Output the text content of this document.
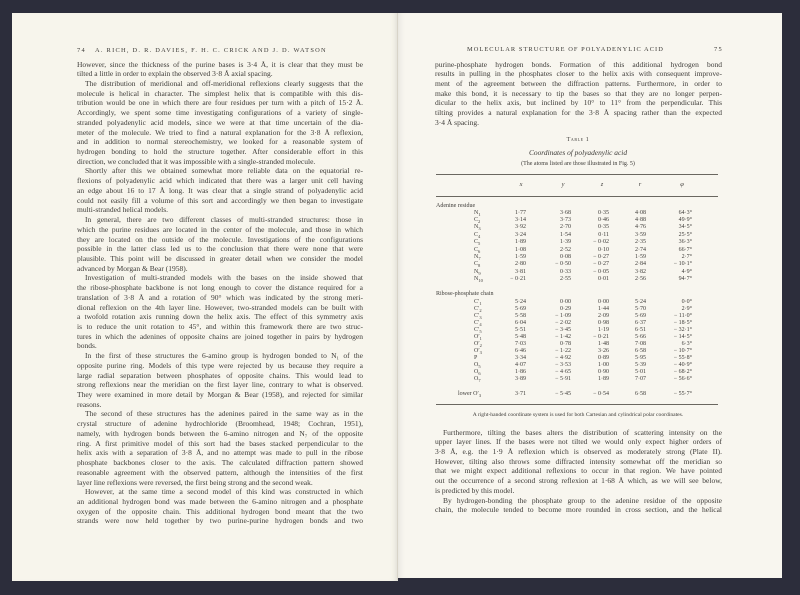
74 A. RICH, D. R. DAVIES, F. H. C. CRICK AND J. D. WATSON	MOLECULAR STRUCTURE OF POLYADENYLIC ACID	75
However, since the thickness of the purine bases is 3·4 Å, it is clear that they must be
tilted a little in order to explain the observed 3·8 Å axial spacing.
The distribution of meridional and off-meridional reflexions clearly suggests that the
molecule is helical in character. The simplest helix that is compatible with this dis-
tribution would be one in which there are four residues per turn with a pitch of 15·2 Å.
Accordingly, we spent some time investigating configurations of a variety of single-
stranded polyadenylic acid models, since we were at that time uncertain of the dia-
meter of the molecule. We tried to find a natural explanation for the 3·8 Å reflexion,
and in addition to normal stereochemistry, we looked for a reasonable system of
hydrogen bonding to hold the structure together. After considerable effort in this
direction, we concluded that it was impossible with a single-stranded molecule.
Shortly after this we obtained somewhat more reliable data on the equatorial re-
flexions of polyadenylic acid which indicated that there was a larger unit cell having
an edge about 16 to 17 Å long. It was clear that a single strand of polyadenylic acid
could not easily fill a volume of this sort and accordingly we then began to investigate
multi-stranded helical models.
In general, there are two different classes of multi-stranded structures: those in
which the purine residues are located in the center of the molecule, and those in which
they are located on the outside of the molecule. Investigations of the configurations
possible in the latter class led us to the conclusion that there were none that were
plausible. This point will be discussed in greater detail when we consider the model
advanced by Morgan & Bear (1958).
Investigation of multi-stranded models with the bases on the inside showed that
the ribose-phosphate backbone is not long enough to cover the distance required for a
translation of 3·8 Å and a rotation of 90° which was indicated by the strong meri-
dional reflexion on the 4th layer line. However, two-stranded models can be built with
a twofold rotation axis running down the helix axis. The effect of this symmetry axis
is to reduce the unit rotation to 45°, and within this framework there are two struc-
tures in which the adenines of opposite chains are joined together in pairs by hydrogen
bonds.
In the first of these structures the 6-amino group is hydrogen bonded to N₁ of the
opposite purine ring. Models of this type were rejected by us because they require a
large radial separation between phosphates of opposite chains. This would lead to
strong reflexions near the meridian on the first layer line, contrary to what is observed.
They were examined in more detail by Morgan & Bear (1958), and rejected for similar
reasons.
The second of these structures has the adenines paired in the same way as in the
crystal structure of adenine hydrochloride (Broomhead, 1948; Cochran, 1951),
namely, with hydrogen bonds between the 6-amino nitrogen and N₇ of the opposite
ring. A first primitive model of this sort had the bases stacked perpendicular to the
helix axis with a separation of 3·8 Å, and no attempt was made to pull in the ribose
phosphate backbones closer to the axis. The calculated diffraction pattern showed
reasonable agreement with the observed pattern, although the intensities of the first
layer line reflexions were reversed, the first being strong and the second weak.
However, at the same time a second model of this kind was constructed in which
an additional hydrogen bond was made between the 6-amino nitrogen and a phosphate
oxygen of the opposite chain. This additional hydrogen bond meant that the two
strands were now held together by two purine-purine hydrogen bonds and two
purine-phosphate hydrogen bonds. Formation of this additional hydrogen bond
results in pulling in the phosphates closer to the helix axis with consequent improve-
ment of the agreement between the diffraction patterns. Furthermore, in order to
make this bond, it is necessary to tip the bases so that they are no longer perpen-
dicular to the helix axis, but inclined by 10° to 11° from the perpendicular. This
tilting provides a natural explanation for the 3·8 Å spacing rather than the expected
3·4 Å spacing.
Furthermore, tilting the bases alters the distribution of scattering intensity on the
upper layer lines. If the bases were not tilted we would only expect higher orders of
3·8 Å, e.g. the 1·9 Å reflexion which is observed as moderately strong (Plate II).
However, tilting also throws some diffracted intensity somewhat off the meridian so
that we might expect additional reflexions to occur in that region. We have pointed
out the occurrence of a second strong reflexion at 1·68 Å which, as we will see below,
is predicted by this model.
By hydrogen-bonding the phosphate group to the adenine residue of the opposite
chain, the molecule tended to become more rounded in cross section, and the helical
Table 1
Coordinates of polyadenylic acid
(The atoms listed are those illustrated in Fig. 5)
x	y	z	r	φ
Adenine residue
$N_1$	1·77	3·68	0·35	4·08	64·3°
$C_2$	3·14	3·73	0·46	4·88	49·9°
$N_3$	3·92	2·70	0·35	4·76	34·5°
$C_4$	3·24	1·54	0·11	3·59	25·5°
$C_5$	1·89	1·39	− 0·02	2·35	36·3°
$C_6$	1·08	2·52	0·10	2·74	66·7°
$N_7$	1·59	0·08	− 0·27	1·59	2·7°
$C_8$	2·80	− 0·50	− 0·27	2·84	− 10·1°
$N_9$	3·81	0·33	− 0·05	3·82	4·9°
$N_{10}$	− 0·21	2·55	0·01	2·56	94·7°
Ribose-phosphate chain
$C'_1$	5·24	0·00	0·00	5·24	0·0°
$C'_2$	5·69	0·29	1·44	5·70	2·9°
$C'_3$	5·58	− 1·09	2·09	5·69	− 11·0°
$C'_4$	6·04	− 2·02	0·98	6·37	− 18·5°
$C'_5$	5·51	− 3·45	1·19	6·51	− 32·1°
$O'_1$	5·48	− 1·42	− 0·21	5·66	− 14·5°
$O'_2$	7·03	0·78	1·48	7·08	6·3°
$O'_3$	6·46	− 1·22	3·26	6·58	− 10·7°
P	3·34	− 4·92	0·89	5·95	− 55·8°
$O_5$	4·07	− 3·53	1·00	5·39	− 40·9°
$O_6$	1·86	− 4·65	0·90	5·01	− 68·2°
$O_7$	3·89	− 5·91	1·89	7·07	− 56·6°
lower $O'_3$	3·71	− 5·45	− 0·54	6·58	− 55·7°
A right-handed coordinate system is used for both Cartesian and cylindrical polar coordinates.
